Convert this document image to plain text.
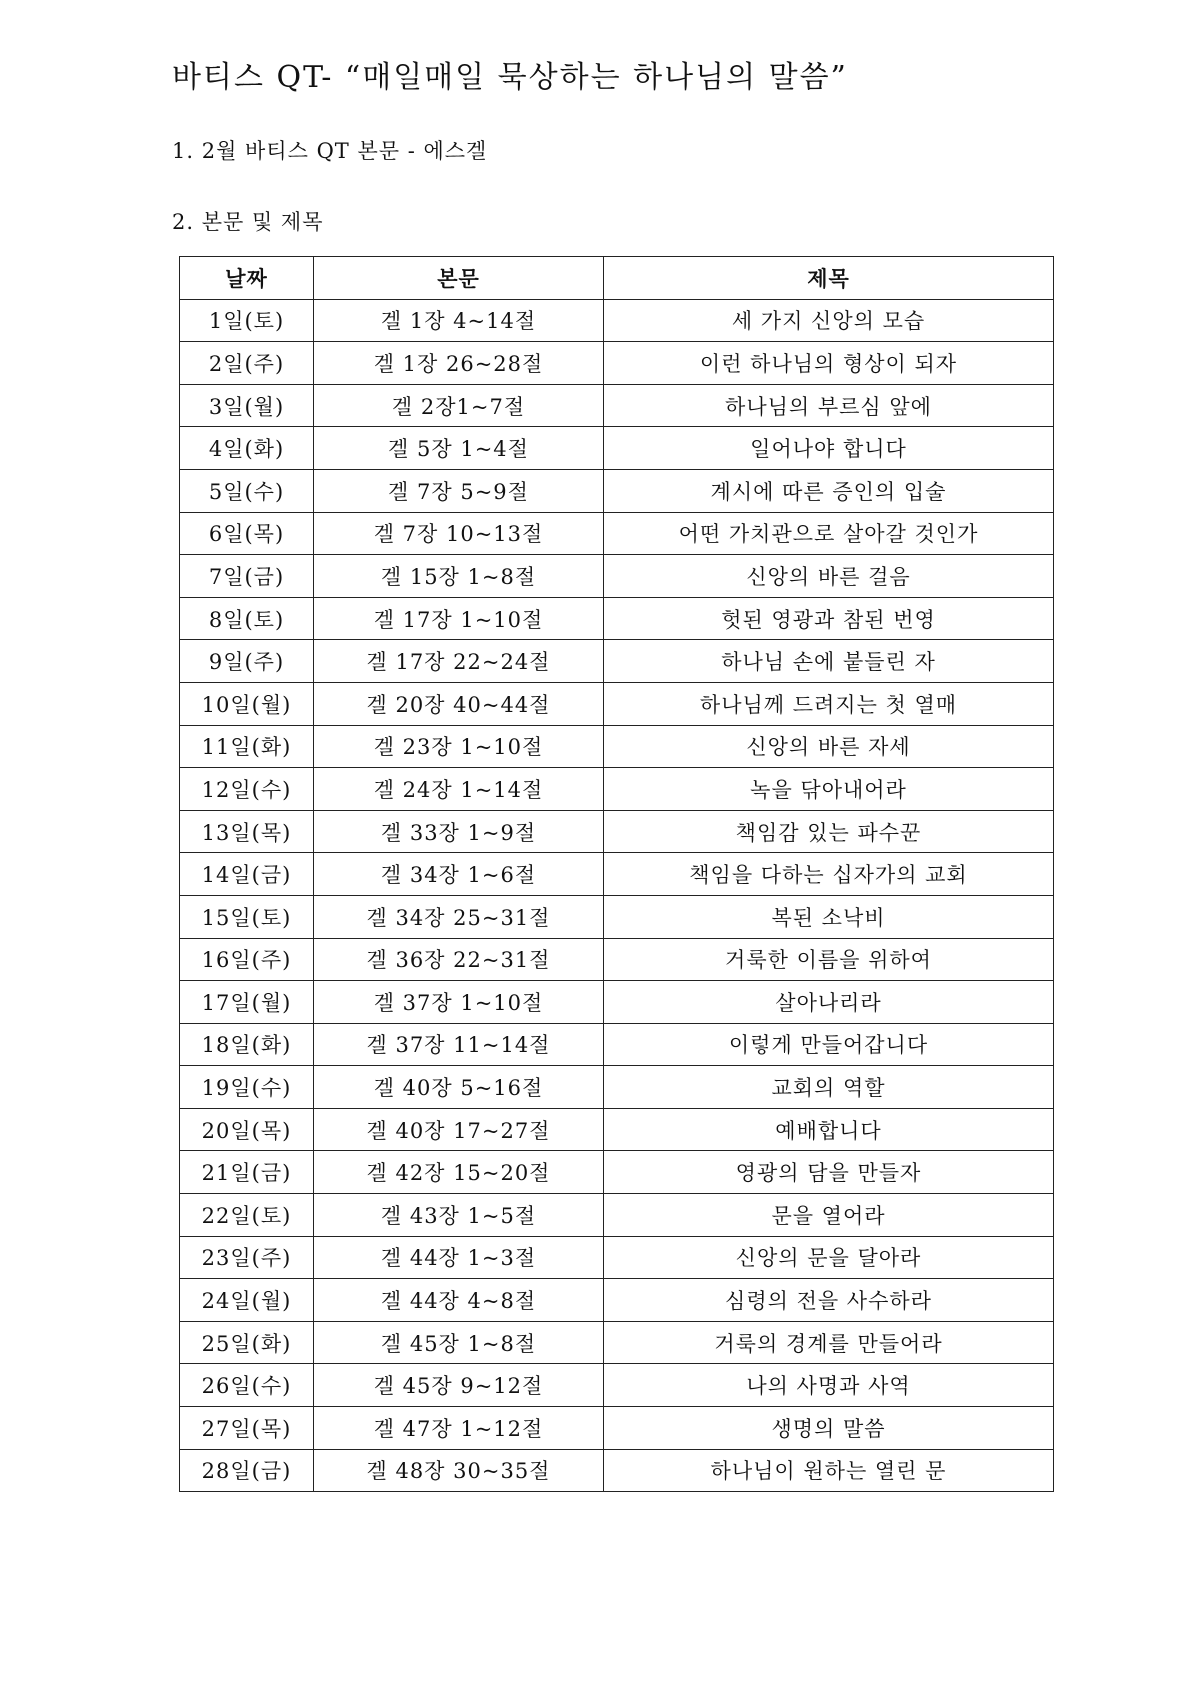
바티스 QT- “매일매일 묵상하는 하나님의 말씀”
1. 2월 바티스 QT 본문 - 에스겔
2. 본문 및 제목
날짜	본문	제목
1일(토)	겔 1장 4~14절	세 가지 신앙의 모습
2일(주)	겔 1장 26~28절	이런 하나님의 형상이 되자
3일(월)	겔 2장1~7절	하나님의 부르심 앞에
4일(화)	겔 5장 1~4절	일어나야 합니다
5일(수)	겔 7장 5~9절	계시에 따른 증인의 입술
6일(목)	겔 7장 10~13절	어떤 가치관으로 살아갈 것인가
7일(금)	겔 15장 1~8절	신앙의 바른 걸음
8일(토)	겔 17장 1~10절	헛된 영광과 참된 번영
9일(주)	겔 17장 22~24절	하나님 손에 붙들린 자
10일(월)	겔 20장 40~44절	하나님께 드려지는 첫 열매
11일(화)	겔 23장 1~10절	신앙의 바른 자세
12일(수)	겔 24장 1~14절	녹을 닦아내어라
13일(목)	겔 33장 1~9절	책임감 있는 파수꾼
14일(금)	겔 34장 1~6절	책임을 다하는 십자가의 교회
15일(토)	겔 34장 25~31절	복된 소낙비
16일(주)	겔 36장 22~31절	거룩한 이름을 위하여
17일(월)	겔 37장 1~10절	살아나리라
18일(화)	겔 37장 11~14절	이렇게 만들어갑니다
19일(수)	겔 40장 5~16절	교회의 역할
20일(목)	겔 40장 17~27절	예배합니다
21일(금)	겔 42장 15~20절	영광의 담을 만들자
22일(토)	겔 43장 1~5절	문을 열어라
23일(주)	겔 44장 1~3절	신앙의 문을 달아라
24일(월)	겔 44장 4~8절	심령의 전을 사수하라
25일(화)	겔 45장 1~8절	거룩의 경계를 만들어라
26일(수)	겔 45장 9~12절	나의 사명과 사역
27일(목)	겔 47장 1~12절	생명의 말씀
28일(금)	겔 48장 30~35절	하나님이 원하는 열린 문
